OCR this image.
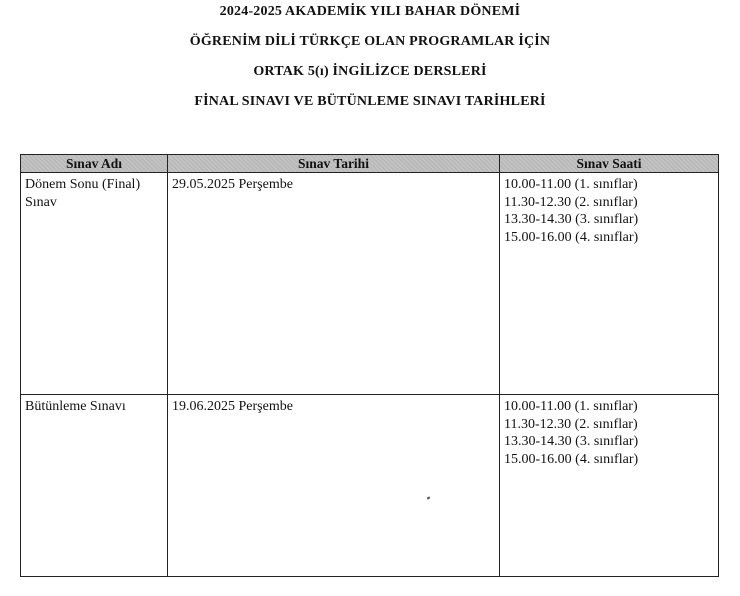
2024-2025 AKADEMİK YILI BAHAR DÖNEMİ
ÖĞRENİM DİLİ TÜRKÇE OLAN PROGRAMLAR İÇİN
ORTAK 5(ı) İNGİLİZCE DERSLERİ
FİNAL SINAVI VE BÜTÜNLEME SINAVI TARİHLERİ
Sınav Adı	Sınav Tarihi	Sınav Saati

Dönem Sonu (Final) Sınav	29.05.2025 Perşembe	10.00-11.00 (1. sınıflar)
11.30-12.30 (2. sınıflar)
13.30-14.30 (3. sınıflar)
15.00-16.00 (4. sınıflar)

Bütünleme Sınavı	19.06.2025 Perşembe	10.00-11.00 (1. sınıflar)
11.30-12.30 (2. sınıflar)
13.30-14.30 (3. sınıflar)
15.00-16.00 (4. sınıflar)
